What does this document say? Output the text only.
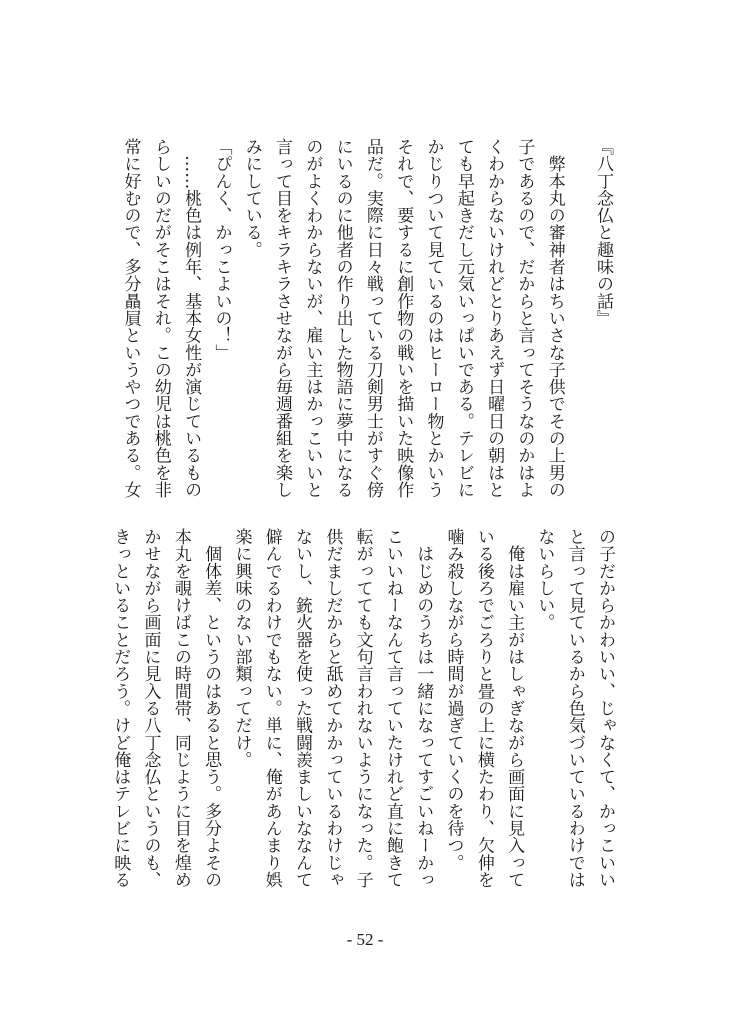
『八丁念仏と趣味の話』
　弊本丸の審神者はちいさな子供でその上男の
子であるので、だからと言ってそうなのかはよ
くわからないけれどとりあえず日曜日の朝はと
ても早起きだし元気いっぱいである。テレビに
かじりついて見ているのはヒーロー物とかいう
それで、要するに創作物の戦いを描いた映像作
品だ。実際に日々戦っている刀剣男士がすぐ傍
にいるのに他者の作り出した物語に夢中になる
のがよくわからないが、雇い主はかっこいいと
言って目をキラキラさせながら毎週番組を楽し
みにしている。
「ぴんく、かっこよいの！」
　……桃色は例年、基本女性が演じているもの
らしいのだがそこはそれ。この幼児は桃色を非
常に好むので、多分贔屓というやつである。女
の子だからかわいい、じゃなくて、かっこいい
と言って見ているから色気づいているわけでは
ないらしい。
　俺は雇い主がはしゃぎながら画面に見入って
いる後ろでごろりと畳の上に横たわり、欠伸を
噛み殺しながら時間が過ぎていくのを待つ。
　はじめのうちは一緒になってすごいねーかっ
こいいねーなんて言っていたけれど直に飽きて
転がってても文句言われないようになった。子
供だましだからと舐めてかかっているわけじゃ
ないし、銃火器を使った戦闘羨ましいななんて
僻んでるわけでもない。単に、俺があんまり娯
楽に興味のない部類ってだけ。
　個体差、というのはあると思う。多分よその
本丸を覗けばこの時間帯、同じように目を煌め
かせながら画面に見入る八丁念仏というのも、
きっといることだろう。けど俺はテレビに映る
- 52 -
